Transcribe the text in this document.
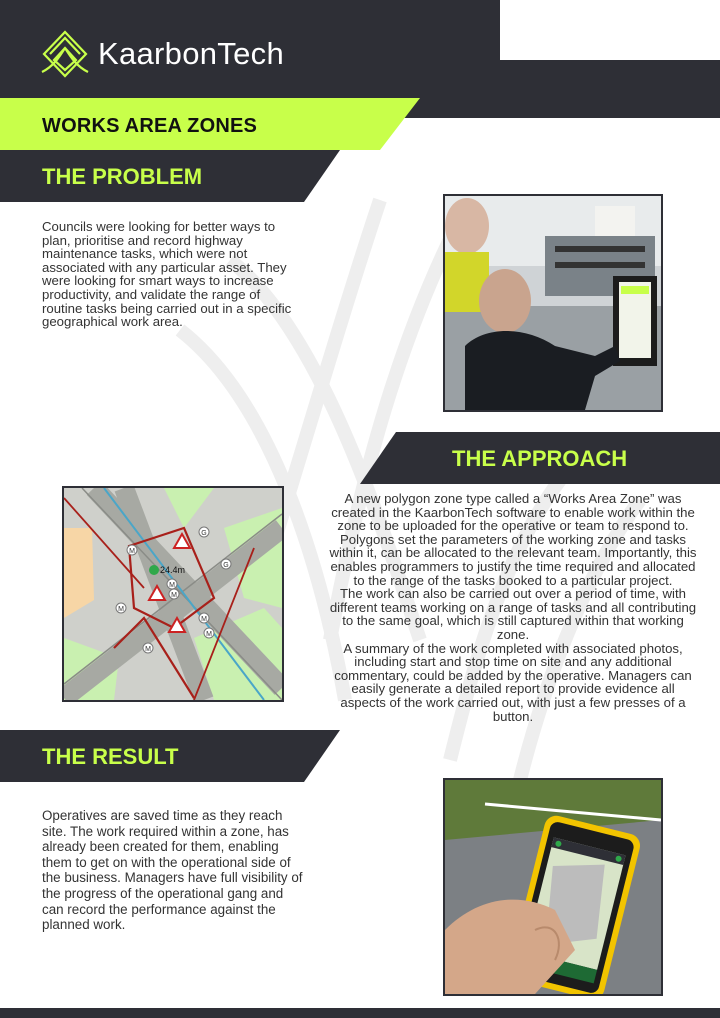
KaarbonTech
WORKS AREA ZONES
THE PROBLEM
Councils were looking for better ways to plan, prioritise and record highway maintenance tasks, which were not associated with any particular asset. They were looking for smart ways to increase productivity, and validate the range of routine tasks being carried out in a specific geographical work area.
THE APPROACH
24.4m
M
M
M
M
M
M
G
G
M
A new polygon zone type called a “Works Area Zone” was created in the KaarbonTech software to enable work within the zone to be uploaded for the operative or team to respond to. Polygons set the parameters of the working zone and tasks within it, can be allocated to the relevant team. Importantly, this enables programmers to justify the time required and allocated to the range of the tasks booked to a particular project.
The work can also be carried out over a period of time, with different teams working on a range of tasks and all contributing to the same goal, which is still captured within that working zone.
A summary of the work completed with associated photos, including start and stop time on site and any additional commentary, could be added by the operative. Managers can easily generate a detailed report to provide evidence all aspects of the work carried out, with just a few presses of a button.
THE RESULT
Operatives are saved time as they reach site. The work required within a zone, has already been created for them, enabling them to get on with the operational side of the business. Managers have full visibility of the progress of the operational gang and can record the performance against the planned work.
